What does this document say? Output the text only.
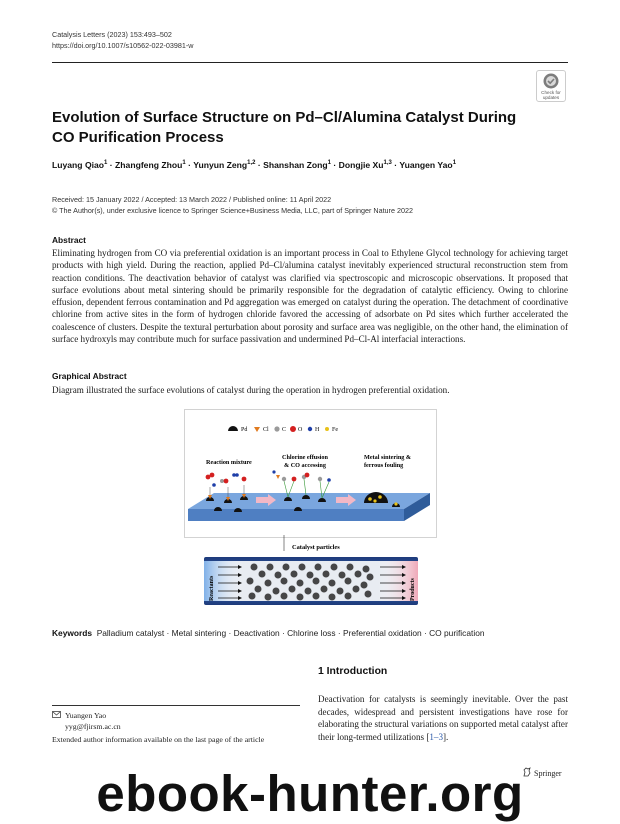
Catalysis Letters (2023) 153:493–502
https://doi.org/10.1007/s10562-022-03981-w
Check for
updates
Evolution of Surface Structure on Pd–Cl/Alumina Catalyst During CO Purification Process
Luyang Qiao$^1$ · Zhangfeng Zhou$^1$ · Yunyun Zeng$^{1,2}$ · Shanshan Zong$^1$ · Dongjie Xu$^{1,3}$ · Yuangen Yao$^1$
Received: 15 January 2022 / Accepted: 13 March 2022 / Published online: 11 April 2022
© The Author(s), under exclusive licence to Springer Science+Business Media, LLC, part of Springer Nature 2022
Abstract

Eliminating hydrogen from CO via preferential oxidation is an important process in Coal to Ethylene Glycol technology for achieving target products with high yield. During the reaction, applied Pd–Cl/alumina catalyst inevitably experienced structural reconstruction stem from reaction conditions. The deactivation behavior of catalyst was clarified via spectroscopic and microscopic observations. It proposed that surface evolutions about metal sintering should be primarily responsible for the degradation of catalytic efficiency. Owing to chlorine effusion, dependent ferrous contamination and Pd aggregation was emerged on catalyst during the operation. The detachment of coordinative chlorine from active sites in the form of hydrogen chloride favored the accessing of adsorbate on Pd sites which further accelerated the coalescence of clusters. Despite the textural perturbation about porosity and surface area was negligible, on the other hand, the elimination of surface hydroxyls may contribute much for surface passivation and undermined Pd–Cl-Al interfacial interactions.

Graphical Abstract

Diagram illustrated the surface evolutions of catalyst during the operation in hydrogen preferential oxidation.

Pd	Cl C O H Fe
Reaction mixture
Chlorine effusion
& CO accessing
Metal sintering &
ferrous fouling
Catalyst particles
Reactants	Products
Keywords Palladium catalyst · Metal sintering · Deactivation · Chlorine loss · Preferential oxidation · CO purification
1 Introduction

Deactivation for catalysts is seemingly inevitable. Over the past decades, widespread and persistent investigations have rose for elaborating the structural variations on supported metal catalyst after their long-termed utilizations [1–3].

Yuangen Yao
yyg@fjirsm.ac.cn
Extended author information available on the last page of the article
Springer
ebook-hunter.org
